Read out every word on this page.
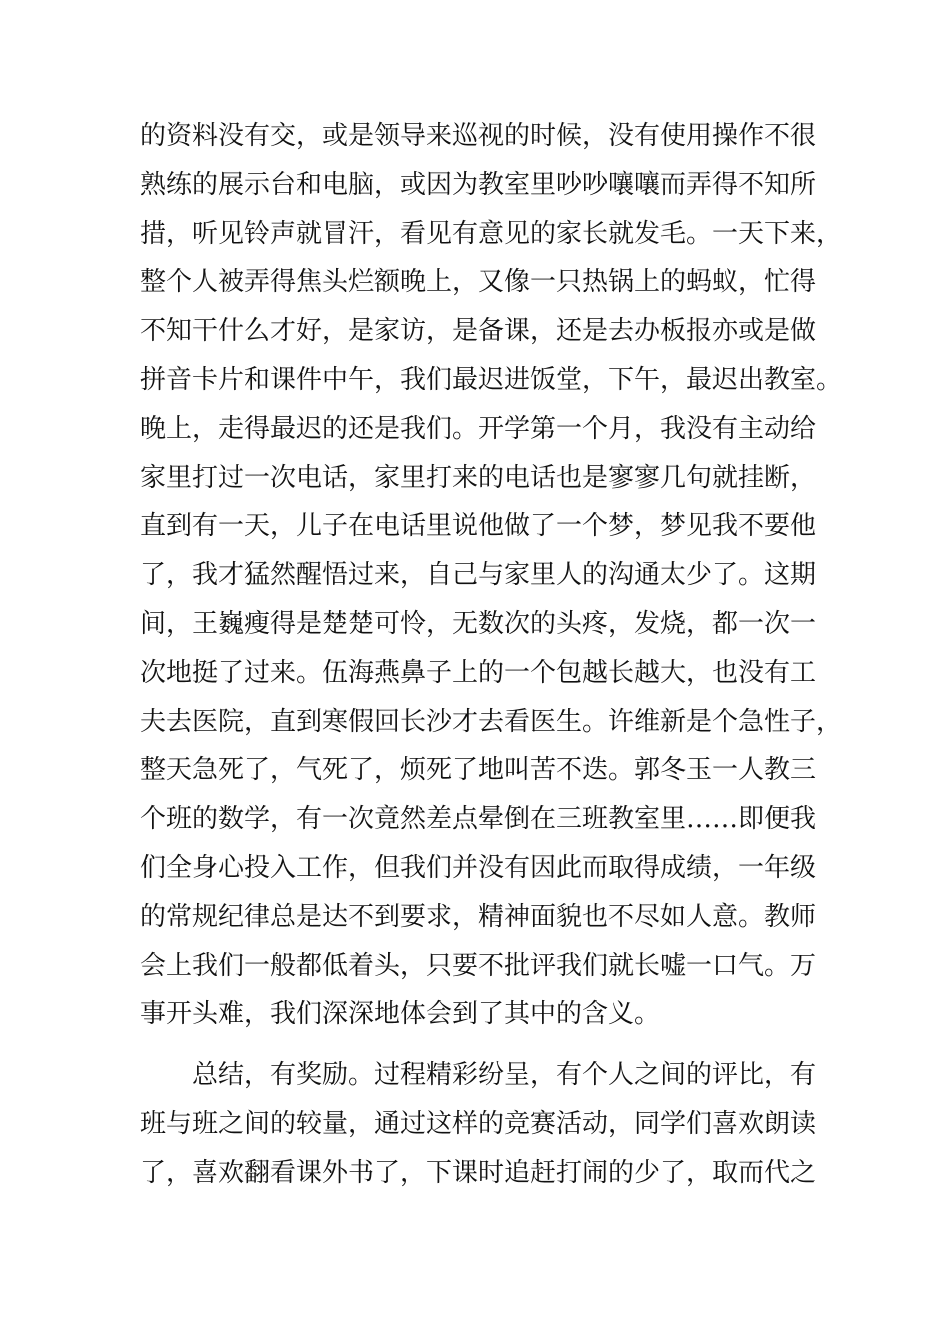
的资料没有交，或是领导来巡视的时候，没有使用操作不很
熟练的展示台和电脑，或因为教室里吵吵嚷嚷而弄得不知所
措，听见铃声就冒汗，看见有意见的家长就发毛。一天下来，
整个人被弄得焦头烂额晚上，又像一只热锅上的蚂蚁，忙得
不知干什么才好，是家访，是备课，还是去办板报亦或是做
拼音卡片和课件中午，我们最迟进饭堂，下午，最迟出教室。
晚上，走得最迟的还是我们。开学第一个月，我没有主动给
家里打过一次电话，家里打来的电话也是寥寥几句就挂断，
直到有一天，儿子在电话里说他做了一个梦，梦见我不要他
了，我才猛然醒悟过来，自己与家里人的沟通太少了。这期
间，王巍瘦得是楚楚可怜，无数次的头疼，发烧，都一次一
次地挺了过来。伍海燕鼻子上的一个包越长越大，也没有工
夫去医院，直到寒假回长沙才去看医生。许维新是个急性子，
整天急死了，气死了，烦死了地叫苦不迭。郭冬玉一人教三
个班的数学，有一次竟然差点晕倒在三班教室里……即便我
们全身心投入工作，但我们并没有因此而取得成绩，一年级
的常规纪律总是达不到要求，精神面貌也不尽如人意。教师
会上我们一般都低着头，只要不批评我们就长嘘一口气。万
事开头难，我们深深地体会到了其中的含义。
总结，有奖励。过程精彩纷呈，有个人之间的评比，有
班与班之间的较量，通过这样的竞赛活动，同学们喜欢朗读
了，喜欢翻看课外书了，下课时追赶打闹的少了，取而代之
